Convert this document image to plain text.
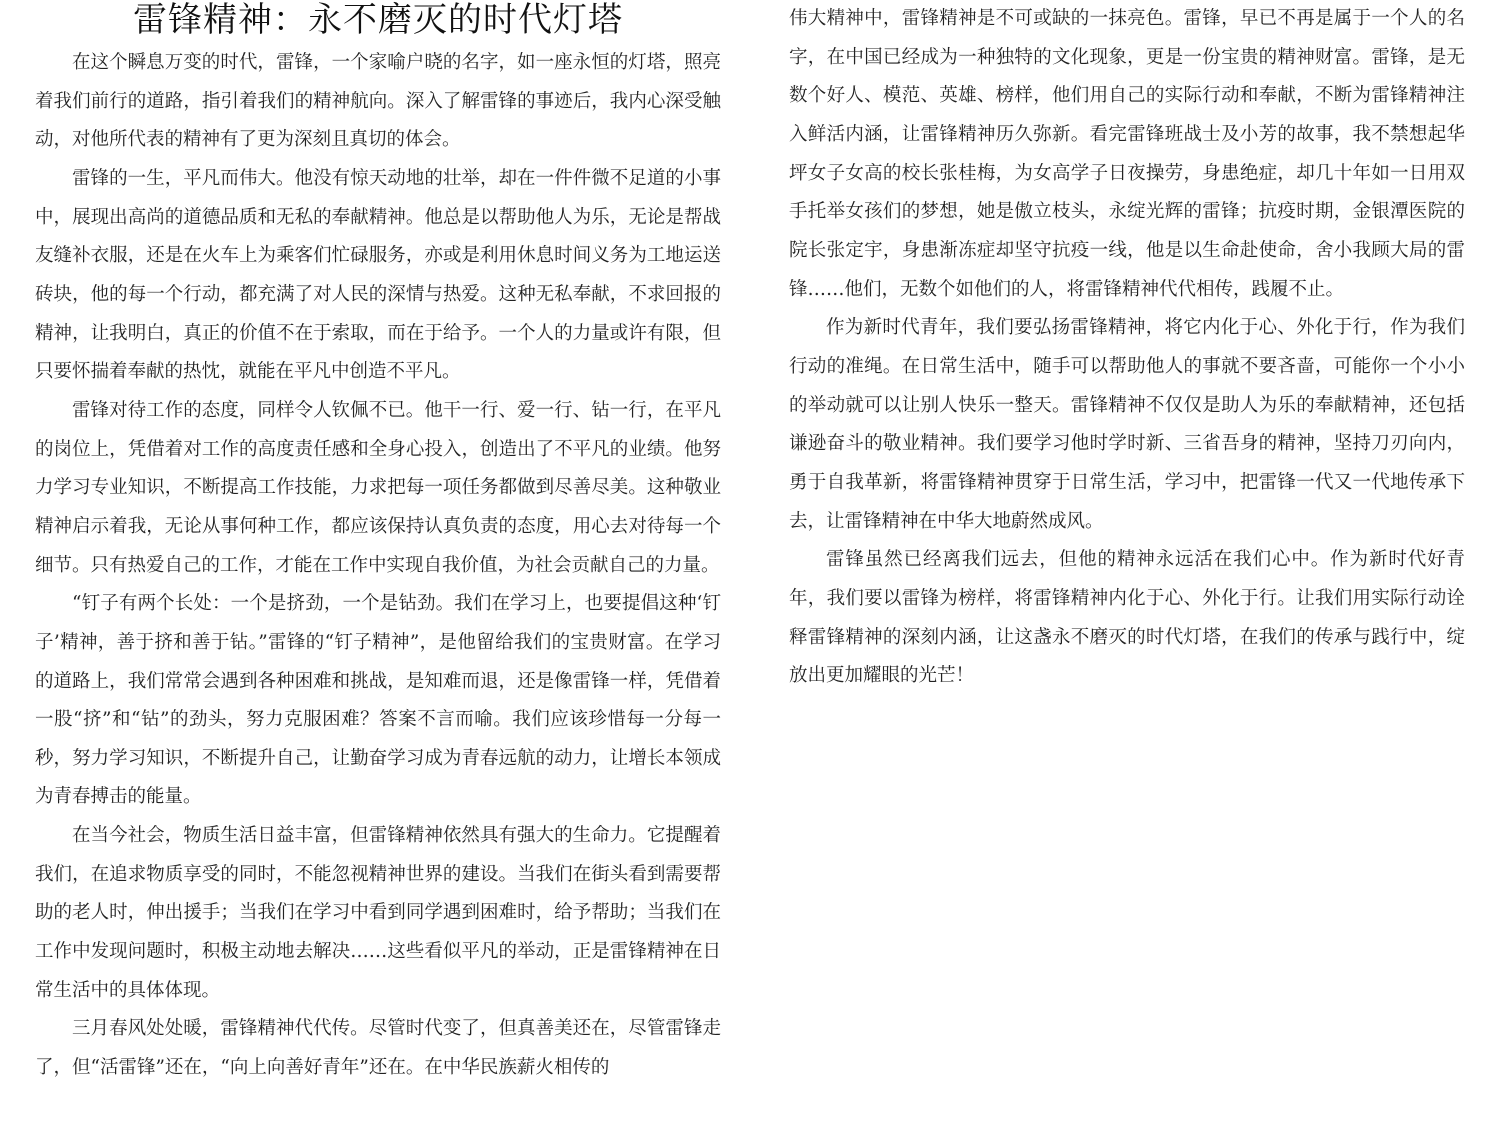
雷锋精神：永不磨灭的时代灯塔

在这个瞬息万变的时代，雷锋，一个家喻户晓的名字，如一座永恒的灯塔，照亮着我们前行的道路，指引着我们的精神航向。深入了解雷锋的事迹后，我内心深受触动，对他所代表的精神有了更为深刻且真切的体会。

雷锋的一生，平凡而伟大。他没有惊天动地的壮举，却在一件件微不足道的小事中，展现出高尚的道德品质和无私的奉献精神。他总是以帮助他人为乐，无论是帮战友缝补衣服，还是在火车上为乘客们忙碌服务，亦或是利用休息时间义务为工地运送砖块，他的每一个行动，都充满了对人民的深情与热爱。这种无私奉献，不求回报的精神，让我明白，真正的价值不在于索取，而在于给予。一个人的力量或许有限，但只要怀揣着奉献的热忱，就能在平凡中创造不平凡。

雷锋对待工作的态度，同样令人钦佩不已。他干一行、爱一行、钻一行，在平凡的岗位上，凭借着对工作的高度责任感和全身心投入，创造出了不平凡的业绩。他努力学习专业知识，不断提高工作技能，力求把每一项任务都做到尽善尽美。这种敬业精神启示着我，无论从事何种工作，都应该保持认真负责的态度，用心去对待每一个细节。只有热爱自己的工作，才能在工作中实现自我价值，为社会贡献自己的力量。

“钉子有两个长处：一个是挤劲，一个是钻劲。我们在学习上，也要提倡这种‘钉子’精神，善于挤和善于钻。”雷锋的“钉子精神”，是他留给我们的宝贵财富。在学习的道路上，我们常常会遇到各种困难和挑战，是知难而退，还是像雷锋一样，凭借着一股“挤”和“钻”的劲头，努力克服困难？答案不言而喻。我们应该珍惜每一分每一秒，努力学习知识，不断提升自己，让勤奋学习成为青春远航的动力，让增长本领成为青春搏击的能量。

在当今社会，物质生活日益丰富，但雷锋精神依然具有强大的生命力。它提醒着我们，在追求物质享受的同时，不能忽视精神世界的建设。当我们在街头看到需要帮助的老人时，伸出援手；当我们在学习中看到同学遇到困难时，给予帮助；当我们在工作中发现问题时，积极主动地去解决……这些看似平凡的举动，正是雷锋精神在日常生活中的具体体现。

三月春风处处暖，雷锋精神代代传。尽管时代变了，但真善美还在，尽管雷锋走了，但“活雷锋”还在，“向上向善好青年”还在。在中华民族薪火相传的

伟大精神中，雷锋精神是不可或缺的一抹亮色。雷锋，早已不再是属于一个人的名字，在中国已经成为一种独特的文化现象，更是一份宝贵的精神财富。雷锋，是无数个好人、模范、英雄、榜样，他们用自己的实际行动和奉献，不断为雷锋精神注入鲜活内涵，让雷锋精神历久弥新。看完雷锋班战士及小芳的故事，我不禁想起华坪女子女高的校长张桂梅，为女高学子日夜操劳，身患绝症，却几十年如一日用双手托举女孩们的梦想，她是傲立枝头，永绽光辉的雷锋；抗疫时期，金银潭医院的院长张定宇，身患渐冻症却坚守抗疫一线，他是以生命赴使命，舍小我顾大局的雷锋……他们，无数个如他们的人，将雷锋精神代代相传，践履不止。

作为新时代青年，我们要弘扬雷锋精神，将它内化于心、外化于行，作为我们行动的准绳。在日常生活中，随手可以帮助他人的事就不要吝啬，可能你一个小小的举动就可以让别人快乐一整天。雷锋精神不仅仅是助人为乐的奉献精神，还包括谦逊奋斗的敬业精神。我们要学习他时学时新、三省吾身的精神，坚持刀刃向内，勇于自我革新，将雷锋精神贯穿于日常生活，学习中，把雷锋一代又一代地传承下去，让雷锋精神在中华大地蔚然成风。

雷锋虽然已经离我们远去，但他的精神永远活在我们心中。作为新时代好青年，我们要以雷锋为榜样，将雷锋精神内化于心、外化于行。让我们用实际行动诠释雷锋精神的深刻内涵，让这盏永不磨灭的时代灯塔，在我们的传承与践行中，绽放出更加耀眼的光芒！
